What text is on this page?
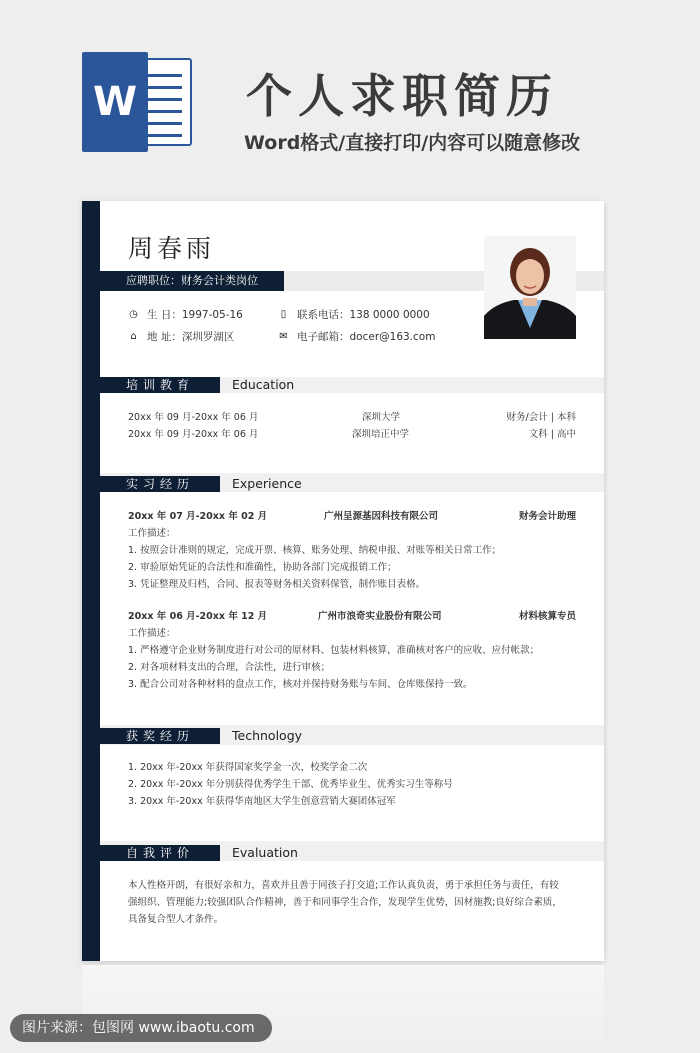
W 个人求职简历
Word格式/直接打印/内容可以随意修改
周春雨
应聘职位：财务会计类岗位
◷ 生 日：1997-05-16	▯ 联系电话：138 0000 0000
⌂ 地 址：深圳罗湖区	✉ 电子邮箱：docer@163.com
培训教育	Education
20xx 年 09 月-20xx 年 06 月	深圳大学	财务/会计 | 本科
20xx 年 09 月-20xx 年 06 月	深圳培正中学	文科 | 高中
实习经历	Experience
20xx 年 07 月-20xx 年 02 月	广州呈源基因科技有限公司	财务会计助理
工作描述：
1. 按照会计准则的规定，完成开票、核算、账务处理、纳税申报、对账等相关日常工作；
2. 审验原始凭证的合法性和准确性，协助各部门完成报销工作；
3. 凭证整理及归档，合同、报表等财务相关资料保管，制作账目表格。
20xx 年 06 月-20xx 年 12 月	广州市浪奇实业股份有限公司	材料核算专员
工作描述：
1. 严格遵守企业财务制度进行对公司的原材料、包装材料核算，准确核对客户的应收、应付帐款；
2. 对各项材料支出的合理，合法性，进行审核；
3. 配合公司对各种材料的盘点工作，核对并保持财务账与车间、仓库账保持一致。
获奖经历	Technology
1. 20xx 年-20xx 年获得国家奖学金一次，校奖学金二次
2. 20xx 年-20xx 年分别获得优秀学生干部、优秀毕业生、优秀实习生等称号
3. 20xx 年-20xx 年获得华南地区大学生创意营销大赛团体冠军
自我评价	Evaluation
本人性格开朗，有很好亲和力，喜欢并且善于同孩子打交道;工作认真负责，勇于承担任务与责任，有较
强组织、管理能力;较强团队合作精神，善于和同事学生合作，发现学生优势，因材施教;良好综合素质，
具备复合型人才条件。
图片来源：包图网 www.ibaotu.com
